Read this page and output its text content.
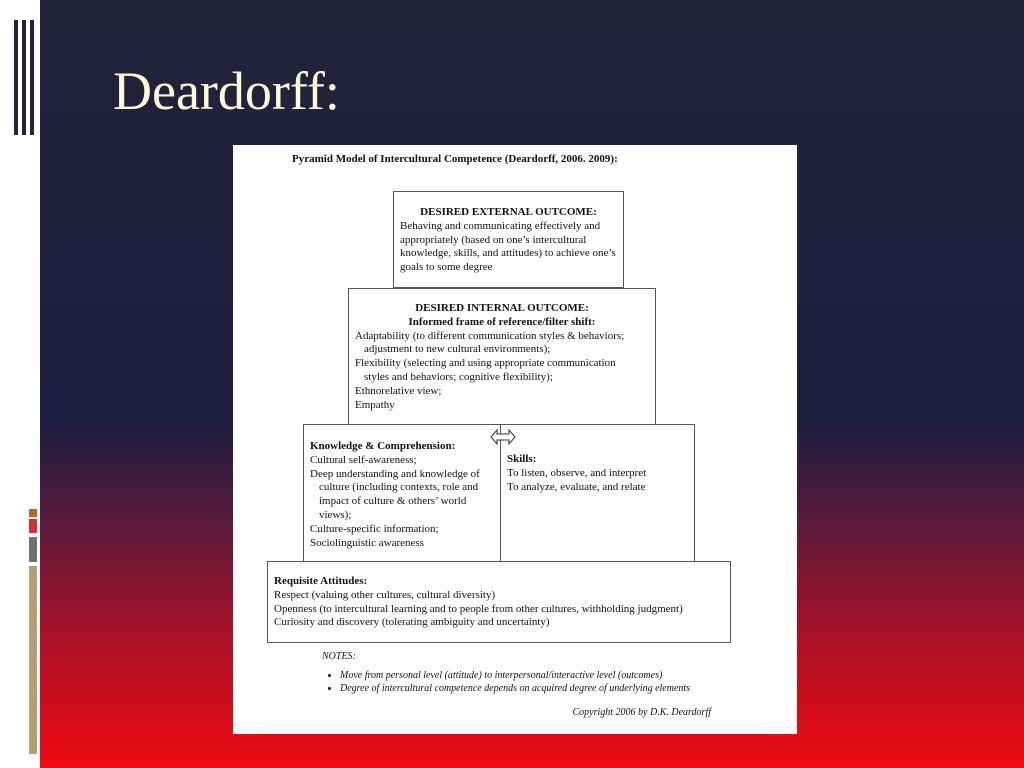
Deardorff:
Pyramid Model of Intercultural Competence (Deardorff, 2006. 2009):

DESIRED EXTERNAL OUTCOME:

Behaving and communicating effectively and appropriately (based on one’s intercultural knowledge, skills, and attitudes) to achieve one’s goals to some degree

DESIRED INTERNAL OUTCOME:

Informed frame of reference/filter shift:

Adaptability (to different communication styles & behaviors;

adjustment to new cultural environments);

Flexibility (selecting and using appropriate communication

styles and behaviors; cognitive flexibility);

Ethnorelative view;

Empathy

Knowledge & Comprehension:

Cultural self-awareness;

Deep understanding and knowledge of

culture (including contexts, role and

impact of culture & others’ world

views);

Culture-specific information;

Sociolinguistic awareness

Skills:

To listen, observe, and interpret

To analyze, evaluate, and relate

Requisite Attitudes:

Respect (valuing other cultures, cultural diversity)

Openness (to intercultural learning and to people from other cultures, withholding judgment)

Curiosity and discovery (tolerating ambiguity and uncertainty)

NOTES:
• Move from personal level (attitude) to interpersonal/interactive level (outcomes)
• Degree of intercultural competence depends on acquired degree of underlying elements
Copyright 2006 by D.K. Deardorff
